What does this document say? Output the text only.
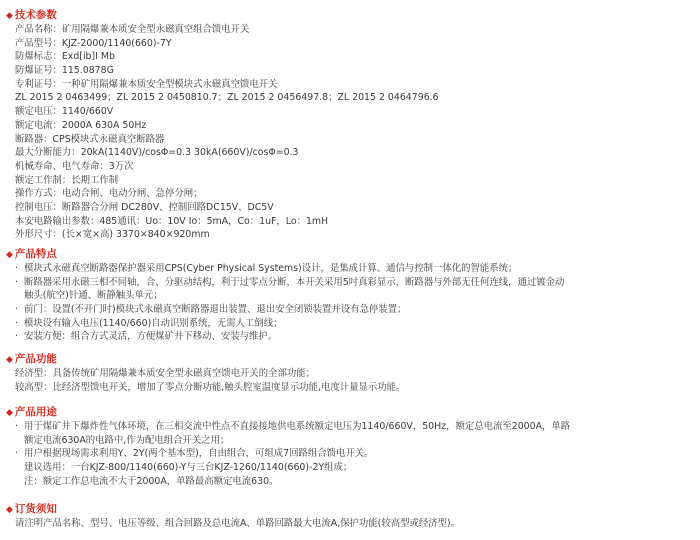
◆ 技术参数
产品名称：矿用隔爆兼本质安全型永磁真空组合馈电开关
产品型号：KJZ-2000/1140(660)-7Y
防爆标志：Exd[ib]I Mb
防爆证号：115.0878G
专利证号：一种矿用隔爆兼本质安全型模块式永磁真空馈电开关
ZL 2015 2 0463499；ZL 2015 2 0450810.7；ZL 2015 2 0456497.8；ZL 2015 2 0464796.6
额定电压：1140/660V
额定电流：2000A 630A 50Hz
断路器：CPS模块式永磁真空断路器
最大分断能力：20kA(1140V)/cosΦ=0.3 30kA(660V)/cosΦ=0.3
机械寿命、电气寿命：3万次
额定工作制：长期工作制
操作方式：电动合闸、电动分闸、急停分闸；
控制电压：断路器合分闸 DC280V、控制回路DC15V、DC5V
本安电路输出参数：485通讯：Uo：10V Io：5mA，Co：1uF，Lo：1mH
外形尺寸：(长×宽×高) 3370×840×920mm
◆ 产品特点
· 模块式永磁真空断路器保护器采用CPS(Cyber Physical Systems)设计，是集成计算、通信与控制一体化的智能系统；
· 断路器采用永磁三相不同轴，合、分驱动结构，利于过零点分断，本开关采用5吋真彩显示，断路器与外部无任何连线，通过镀金动
触头(航空)针通、断静触头单元；
· 前门：设置(不开门时)模块式永磁真空断路器退出装置、退出安全闭锁装置并设有急停装置；
· 模块设有输入电压(1140/660)自动识别系统，无需人工倒线；
· 安装方便：组合方式灵活，方便煤矿井下移动、安装与维护。
◆ 产品功能
经济型：具备传统矿用隔爆兼本质安全型永磁真空馈电开关的全部功能；
较高型：比经济型馈电开关，增加了零点分断功能,触头腔室温度显示功能,电度计量显示功能。
◆ 产品用途
· 用于煤矿井下爆炸性气体环境，在三相交流中性点不直接接地供电系统额定电压为1140/660V，50Hz，额定总电流至2000A，单路
额定电流630A的电路中,作为配电组合开关之用；
· 用户根据现场需求利用Y、2Y(两个基本型)，自由组合，可组成7回路组合馈电开关。
建议选用：一台KJZ-800/1140(660)-Y与三台KJZ-1260/1140(660)-2Y组成；
注：额定工作总电流不大于2000A，单路最高额定电流630。
◆ 订货须知
请注明产品名称、型号、电压等级、组合回路及总电流A、单路回路最大电流A,保护功能(较高型或经济型)。
